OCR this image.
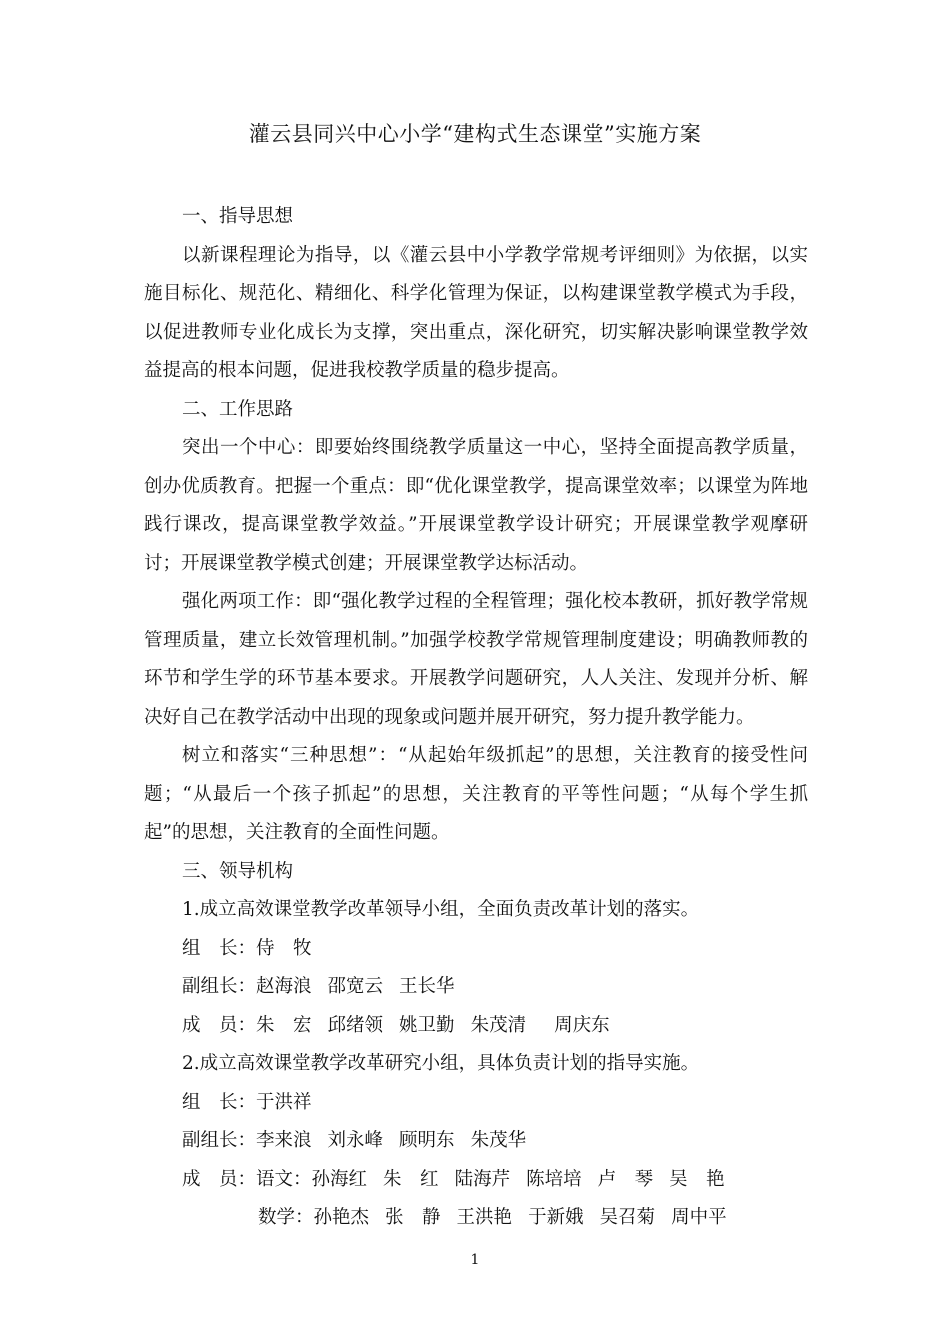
灌云县同兴中心小学“建构式生态课堂”实施方案
一、指导思想

以新课程理论为指导，以《灌云县中小学教学常规考评细则》为依据，以实施目标化、规范化、精细化、科学化管理为保证，以构建课堂教学模式为手段，以促进教师专业化成长为支撑，突出重点，深化研究，切实解决影响课堂教学效益提高的根本问题，促进我校教学质量的稳步提高。

二、工作思路

突出一个中心：即要始终围绕教学质量这一中心，坚持全面提高教学质量，创办优质教育。把握一个重点：即“优化课堂教学，提高课堂效率；以课堂为阵地践行课改，提高课堂教学效益。”开展课堂教学设计研究；开展课堂教学观摩研讨；开展课堂教学模式创建；开展课堂教学达标活动。

强化两项工作：即“强化教学过程的全程管理；强化校本教研，抓好教学常规管理质量，建立长效管理机制。”加强学校教学常规管理制度建设；明确教师教的环节和学生学的环节基本要求。开展教学问题研究，人人关注、发现并分析、解决好自己在教学活动中出现的现象或问题并展开研究，努力提升教学能力。

树立和落实“三种思想”：“从起始年级抓起”的思想，关注教育的接受性问题；“从最后一个孩子抓起”的思想，关注教育的平等性问题；“从每个学生抓起”的思想，关注教育的全面性问题。

三、领导机构
1.成立高效课堂教学改革领导小组，全面负责改革计划的落实。
组　长：侍　牧
副组长：赵海浪 邵宽云 王长华
成　员：朱　宏 邱绪领 姚卫勤 朱茂清 周庆东
2.成立高效课堂教学改革研究小组，具体负责计划的指导实施。
组　长：于洪祥
副组长：李来浪 刘永峰 顾明东 朱茂华
成　员：语文：孙海红 朱　红 陆海芹 陈培培 卢　琴 吴　艳
数学：孙艳杰 张　静 王洪艳 于新娥 吴召菊 周中平
1
